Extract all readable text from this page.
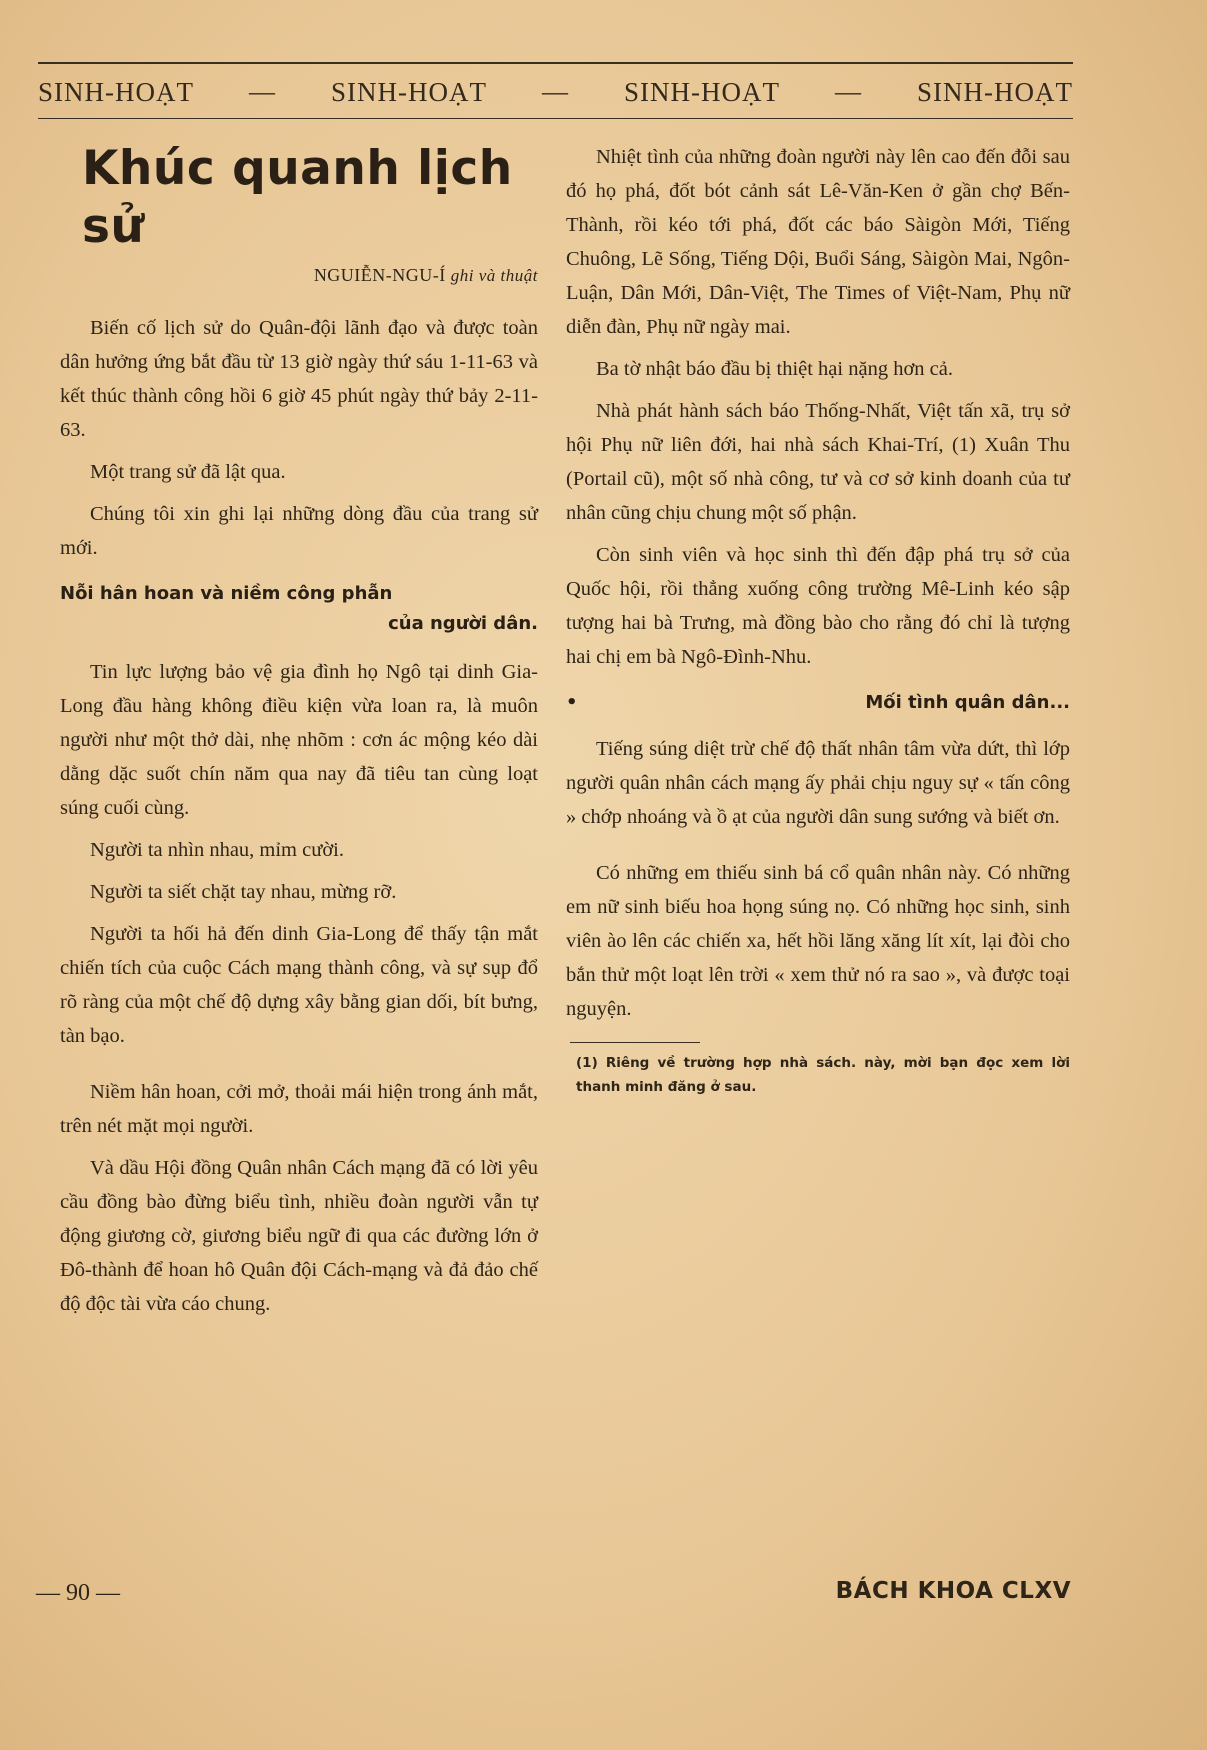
SINH-HOẠT — SINH-HOẠT — SINH-HOẠT — SINH-HOẠT
Khúc quanh lịch sử
NGUIỄN-NGU-Í ghi và thuật

Biến cố lịch sử do Quân-đội lãnh đạo và được toàn dân hưởng ứng bắt đầu từ 13 giờ ngày thứ sáu 1-11-63 và kết thúc thành công hồi 6 giờ 45 phút ngày thứ bảy 2-11-63.

Một trang sử đã lật qua.

Chúng tôi xin ghi lại những dòng đầu của trang sử mới.

Nỗi hân hoan và niềm công phẫn
của người dân.

Tin lực lượng bảo vệ gia đình họ Ngô tại dinh Gia-Long đầu hàng không điều kiện vừa loan ra, là muôn người như một thở dài, nhẹ nhõm : cơn ác mộng kéo dài dằng dặc suốt chín năm qua nay đã tiêu tan cùng loạt súng cuối cùng.

Người ta nhìn nhau, mỉm cười.

Người ta siết chặt tay nhau, mừng rỡ.

Người ta hối hả đến dinh Gia-Long để thấy tận mắt chiến tích của cuộc Cách mạng thành công, và sự sụp đổ rõ ràng của một chế độ dựng xây bằng gian dối, bít bưng, tàn bạo.

Niềm hân hoan, cởi mở, thoải mái hiện trong ánh mắt, trên nét mặt mọi người.

Và dầu Hội đồng Quân nhân Cách mạng đã có lời yêu cầu đồng bào đừng biểu tình, nhiều đoàn người vẫn tự động giương cờ, giương biểu ngữ đi qua các đường lớn ở Đô-thành để hoan hô Quân đội Cách-mạng và đả đảo chế độ độc tài vừa cáo chung.

Nhiệt tình của những đoàn người này lên cao đến đỗi sau đó họ phá, đốt bót cảnh sát Lê-Văn-Ken ở gần chợ Bến-Thành, rồi kéo tới phá, đốt các báo Sàigòn Mới, Tiếng Chuông, Lẽ Sống, Tiếng Dội, Buổi Sáng, Sàigòn Mai, Ngôn-Luận, Dân Mới, Dân-Việt, The Times of Việt-Nam, Phụ nữ diễn đàn, Phụ nữ ngày mai.

Ba tờ nhật báo đầu bị thiệt hại nặng hơn cả.

Nhà phát hành sách báo Thống-Nhất, Việt tấn xã, trụ sở hội Phụ nữ liên đới, hai nhà sách Khai-Trí, (1) Xuân Thu (Portail cũ), một số nhà công, tư và cơ sở kinh doanh của tư nhân cũng chịu chung một số phận.

Còn sinh viên và học sinh thì đến đập phá trụ sở của Quốc hội, rồi thẳng xuống công trường Mê-Linh kéo sập tượng hai bà Trưng, mà đồng bào cho rằng đó chỉ là tượng hai chị em bà Ngô-Đình-Nhu.

•	Mối tình quân dân...

Tiếng súng diệt trừ chế độ thất nhân tâm vừa dứt, thì lớp người quân nhân cách mạng ấy phải chịu nguy sự « tấn công » chớp nhoáng và ồ ạt của người dân sung sướng và biết ơn.

Có những em thiếu sinh bá cổ quân nhân này. Có những em nữ sinh biếu hoa họng súng nọ. Có những học sinh, sinh viên ào lên các chiến xa, hết hồi lăng xăng lít xít, lại đòi cho bắn thử một loạt lên trời « xem thử nó ra sao », và được toại nguyện.

(1) Riêng về trường hợp nhà sách. này, mời bạn đọc xem lời thanh minh đăng ở sau.
— 90 —	BÁCH KHOA CLXV
